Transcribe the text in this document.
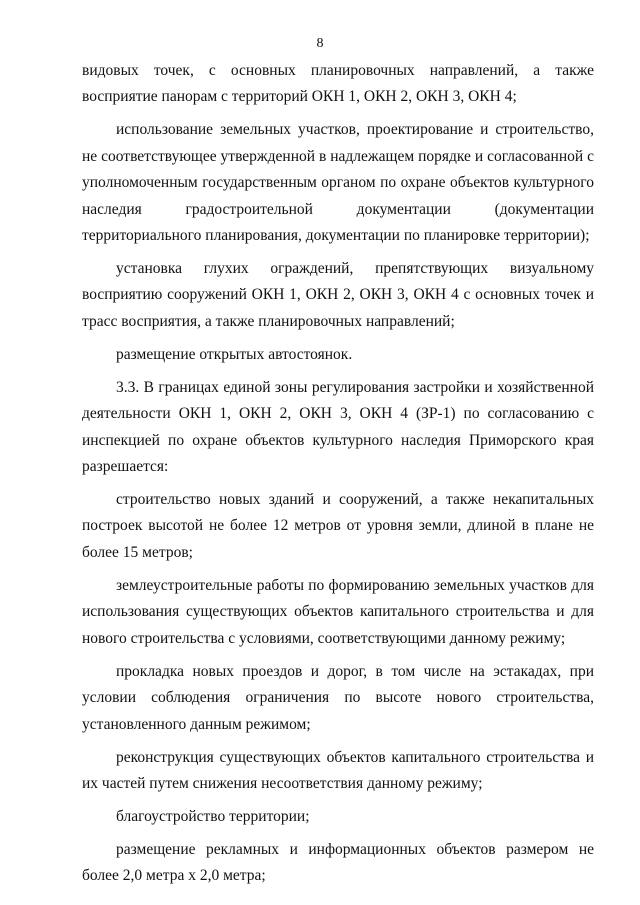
8

видовых точек, с основных планировочных направлений, а также восприятие панорам с территорий ОКН 1, ОКН 2, ОКН 3, ОКН 4;

использование земельных участков, проектирование и строительство, не соответствующее утвержденной в надлежащем порядке и согласованной с уполномоченным государственным органом по охране объектов культурного наследия градостроительной документации (документации территориального планирования, документации по планировке территории);

установка глухих ограждений, препятствующих визуальному восприятию сооружений ОКН 1, ОКН 2, ОКН 3, ОКН 4 с основных точек и трасс восприятия, а также планировочных направлений;

размещение открытых автостоянок.

3.3. В границах единой зоны регулирования застройки и хозяйственной деятельности ОКН 1, ОКН 2, ОКН 3, ОКН 4 (ЗР-1) по согласованию с инспекцией по охране объектов культурного наследия Приморского края разрешается:

строительство новых зданий и сооружений, а также некапитальных построек высотой не более 12 метров от уровня земли, длиной в плане не более 15 метров;

землеустроительные работы по формированию земельных участков для использования существующих объектов капитального строительства и для нового строительства с условиями, соответствующими данному режиму;

прокладка новых проездов и дорог, в том числе на эстакадах, при условии соблюдения ограничения по высоте нового строительства, установленного данным режимом;

реконструкция существующих объектов капитального строительства и их частей путем снижения несоответствия данному режиму;

благоустройство территории;

размещение рекламных и информационных объектов размером не более 2,0 метра х 2,0 метра;
